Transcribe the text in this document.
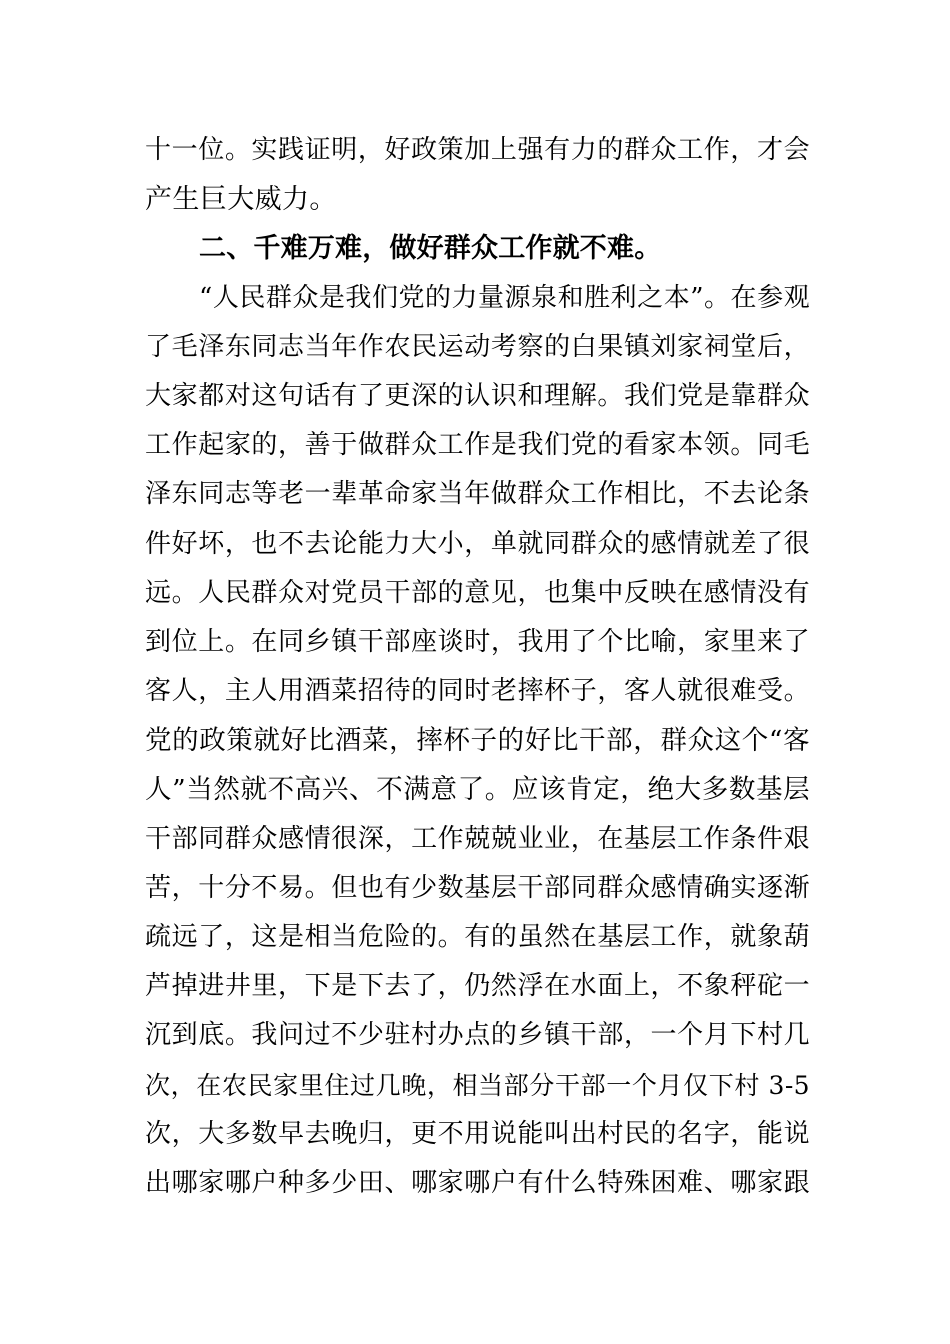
十一位。实践证明，好政策加上强有力的群众工作，才会
产生巨大威力。
二、千难万难，做好群众工作就不难。
“人民群众是我们党的力量源泉和胜利之本”。在参观
了毛泽东同志当年作农民运动考察的白果镇刘家祠堂后，
大家都对这句话有了更深的认识和理解。我们党是靠群众
工作起家的，善于做群众工作是我们党的看家本领。同毛
泽东同志等老一辈革命家当年做群众工作相比，不去论条
件好坏，也不去论能力大小，单就同群众的感情就差了很
远。人民群众对党员干部的意见，也集中反映在感情没有
到位上。在同乡镇干部座谈时，我用了个比喻，家里来了
客人，主人用酒菜招待的同时老摔杯子，客人就很难受。
党的政策就好比酒菜，摔杯子的好比干部，群众这个“客
人”当然就不高兴、不满意了。应该肯定，绝大多数基层
干部同群众感情很深，工作兢兢业业，在基层工作条件艰
苦，十分不易。但也有少数基层干部同群众感情确实逐渐
疏远了，这是相当危险的。有的虽然在基层工作，就象葫
芦掉进井里，下是下去了，仍然浮在水面上，不象秤砣一
沉到底。我问过不少驻村办点的乡镇干部，一个月下村几
次，在农民家里住过几晚，相当部分干部一个月仅下村 3-5
次，大多数早去晚归，更不用说能叫出村民的名字，能说
出哪家哪户种多少田、哪家哪户有什么特殊困难、哪家跟
